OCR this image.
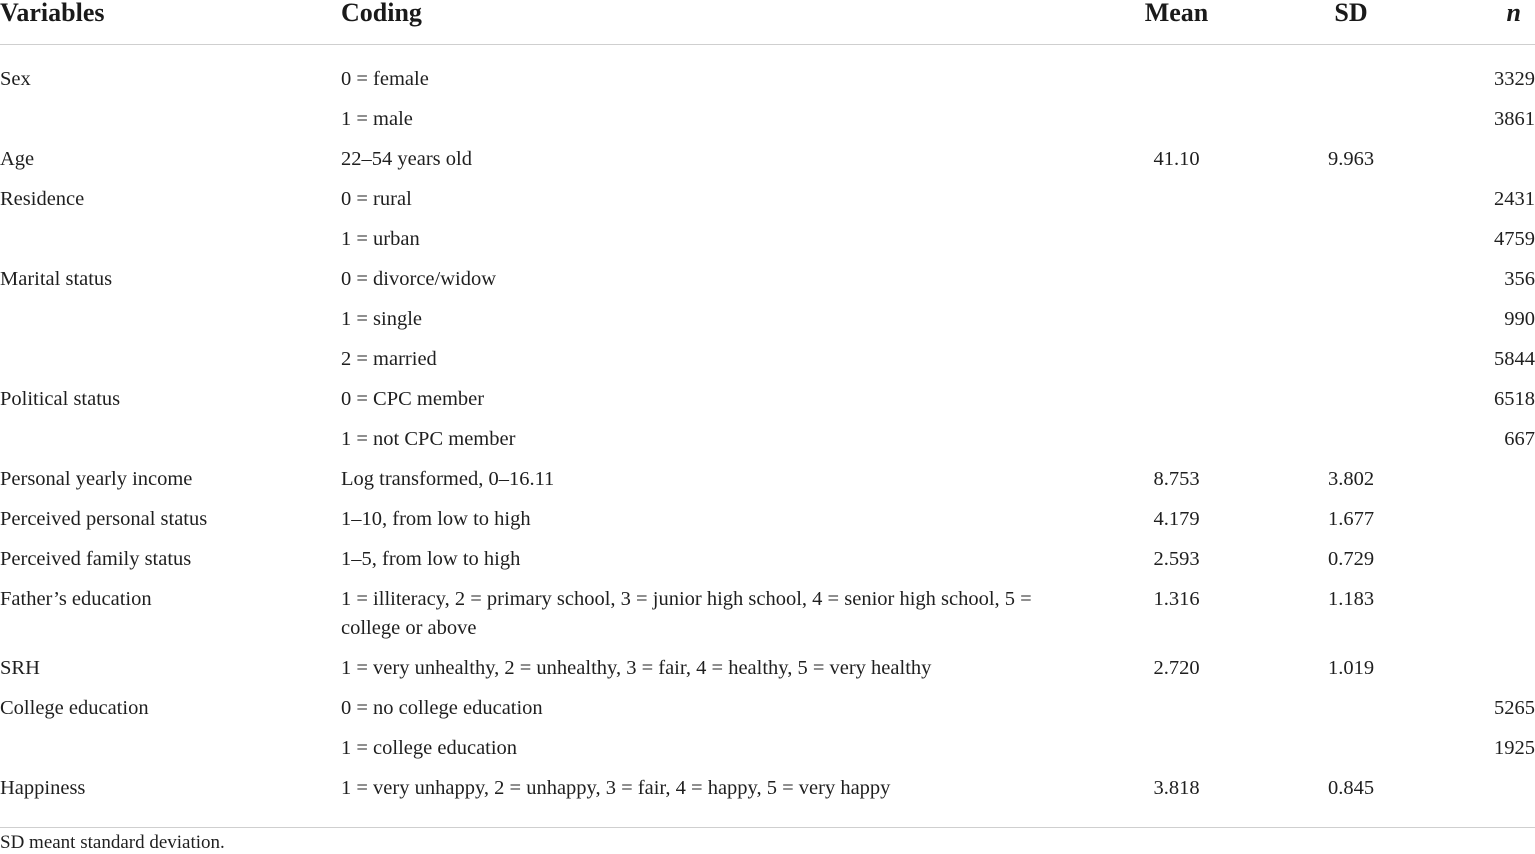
Variables	Coding	Mean	SD	n
Sex	0 = female			3329
	1 = male			3861
Age	22–54 years old	41.10	9.963	
Residence	0 = rural			2431
	1 = urban			4759
Marital status	0 = divorce/widow			356
	1 = single			990
	2 = married			5844
Political status	0 = CPC member			6518
	1 = not CPC member			667
Personal yearly income	Log transformed, 0–16.11	8.753	3.802	
Perceived personal status	1–10, from low to high	4.179	1.677	
Perceived family status	1–5, from low to high	2.593	0.729	
Father’s education	1 = illiteracy, 2 = primary school, 3 = junior high school, 4 = senior high school, 5 = college or above	1.316	1.183	
SRH	1 = very unhealthy, 2 = unhealthy, 3 = fair, 4 = healthy, 5 = very healthy	2.720	1.019	
College education	0 = no college education			5265
	1 = college education			1925
Happiness	1 = very unhappy, 2 = unhappy, 3 = fair, 4 = happy, 5 = very happy	3.818	0.845	
SD meant standard deviation.
